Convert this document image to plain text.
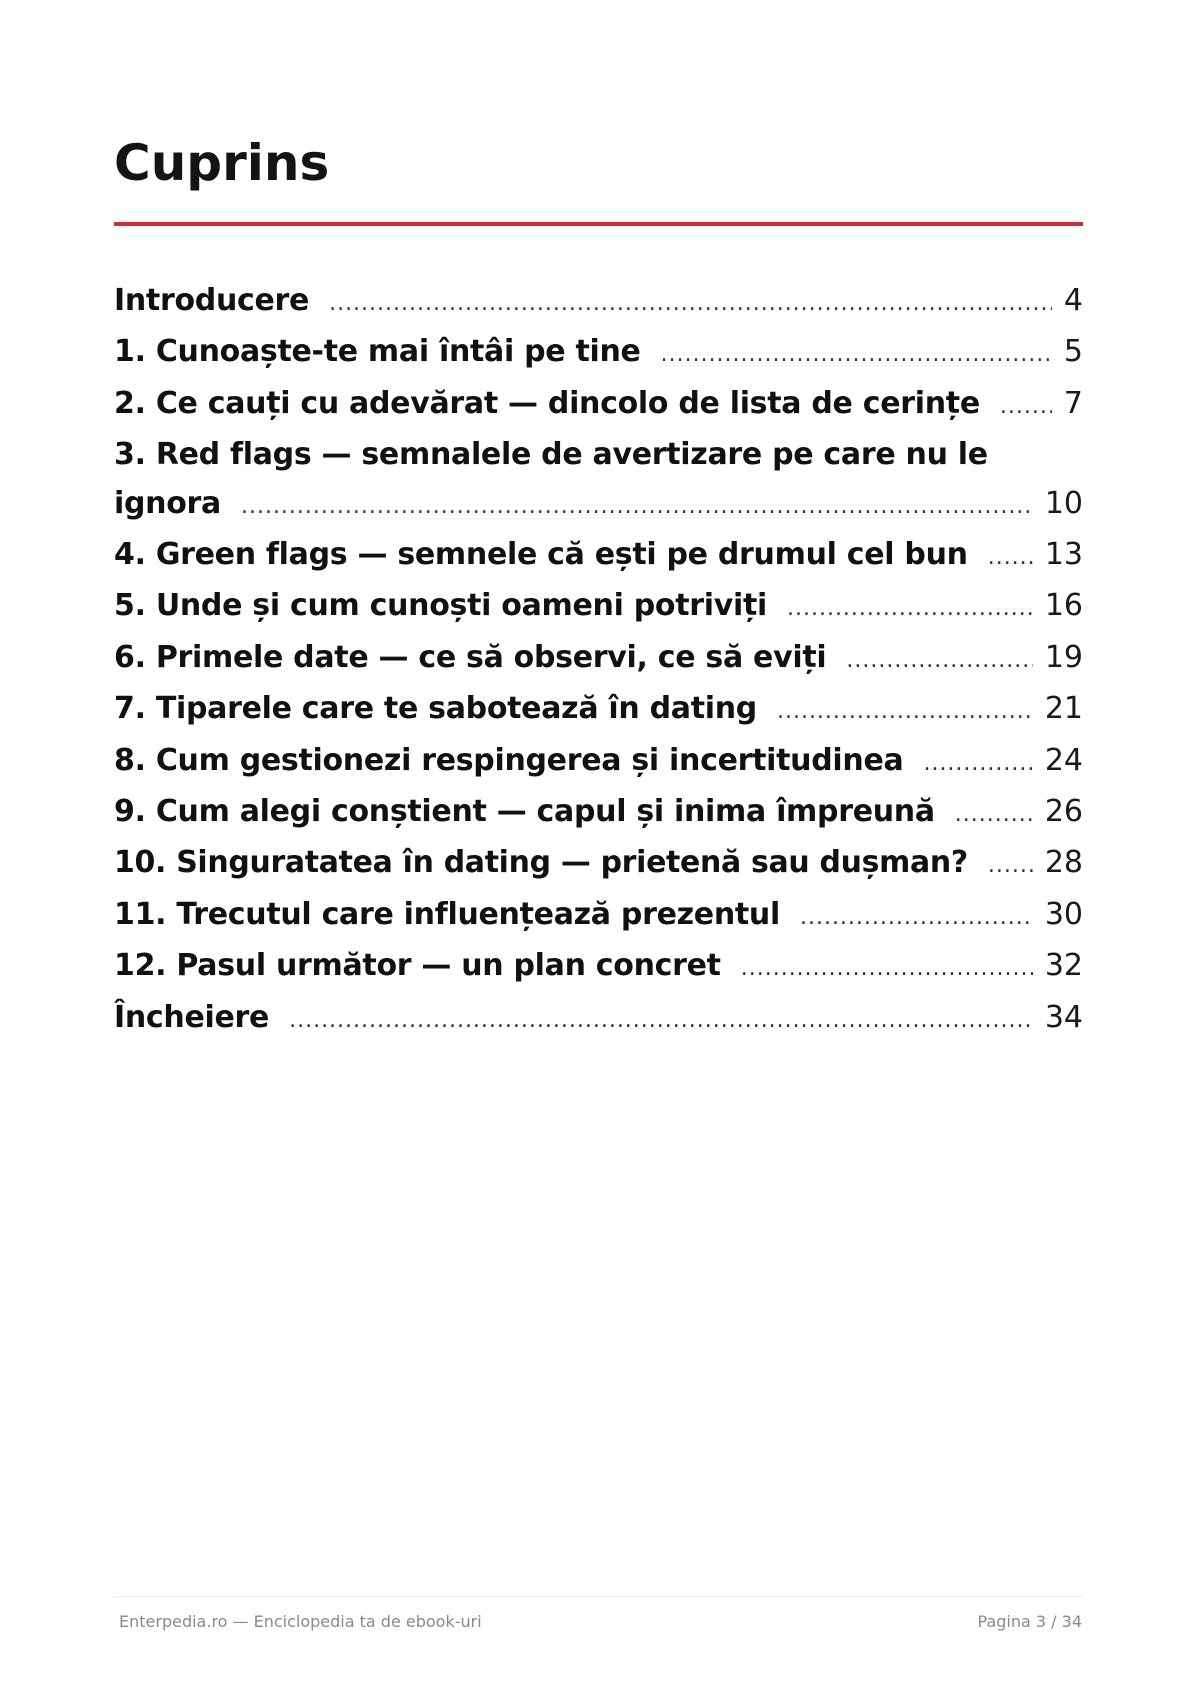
Cuprins
Introducere .....	4
1. Cunoaște-te mai întâi pe tine .....	5
2. Ce cauți cu adevărat — dincolo de lista de cerințe .....	7
3. Red flags — semnalele de avertizare pe care nu le
ignora .....	10
4. Green flags — semnele că ești pe drumul cel bun .....	13
5. Unde și cum cunoști oameni potriviți .....	16
6. Primele date — ce să observi, ce să eviți .....	19
7. Tiparele care te sabotează în dating .....	21
8. Cum gestionezi respingerea și incertitudinea .....	24
9. Cum alegi conștient — capul și inima împreună .....	26
10. Singuratatea în dating — prietenă sau dușman? .....	28
11. Trecutul care influențează prezentul .....	30
12. Pasul următor — un plan concret .....	32
Încheiere .....	34
Enterpedia.ro — Enciclopedia ta de ebook-uri	Pagina 3 / 34
